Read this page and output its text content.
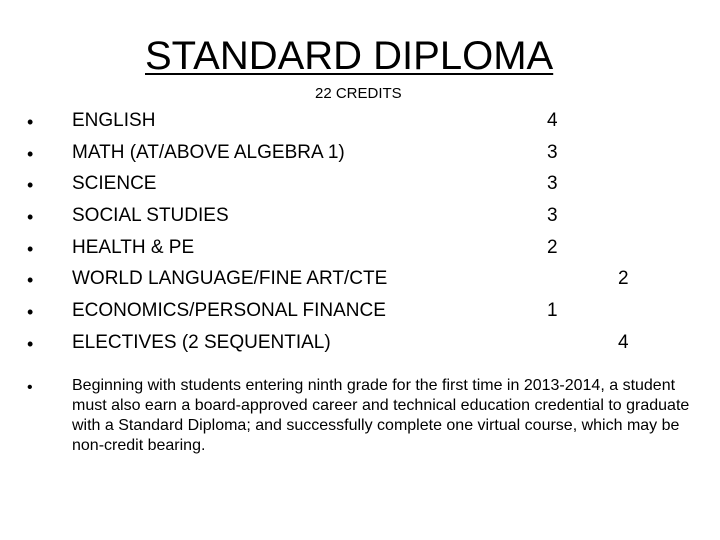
STANDARD DIPLOMA
22 CREDITS
• ENGLISH	4
• MATH (AT/ABOVE ALGEBRA 1)	3
• SCIENCE	3
• SOCIAL STUDIES	3
• HEALTH & PE	2
• WORLD LANGUAGE/FINE ART/CTE	2
• ECONOMICS/PERSONAL FINANCE	1
• ELECTIVES (2 SEQUENTIAL)	4
• Beginning with students entering ninth grade for the first time in 2013-2014, a student must also earn a board-approved career and technical education credential to graduate with a Standard Diploma; and successfully complete one virtual course, which may be non-credit bearing.
